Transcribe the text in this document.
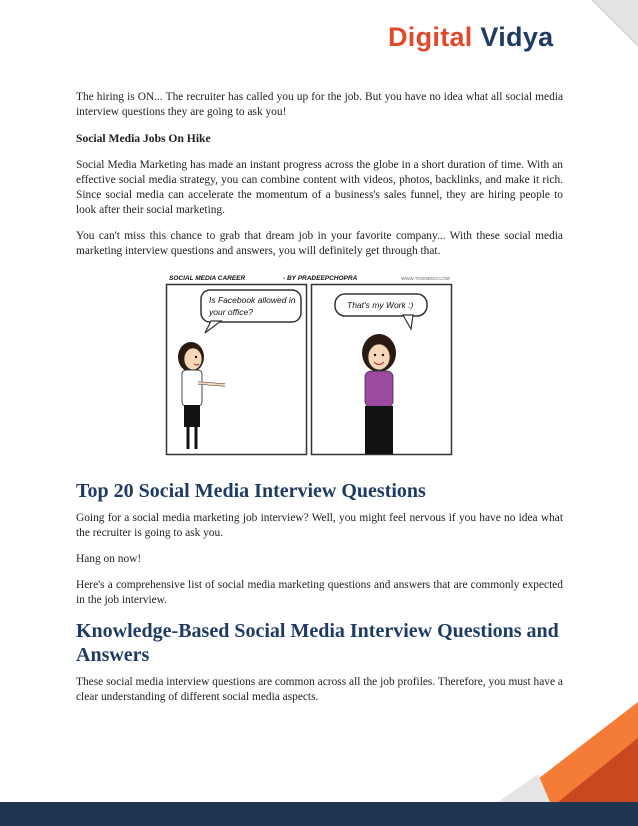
Digital Vidya

The hiring is ON... The recruiter has called you up for the job. But you have no idea what all social media interview questions they are going to ask you!

Social Media Jobs On Hike

Social Media Marketing has made an instant progress across the globe in a short duration of time. With an effective social media strategy, you can combine content with videos, photos, backlinks, and make it rich. Since social media can accelerate the momentum of a business's sales funnel, they are hiring people to look after their social marketing.

You can't miss this chance to grab that dream job in your favorite company... With these social media marketing interview questions and answers, you will definitely get through that.

SOCIAL MEDIA CAREER	- BY PRADEEPCHOPRA	WWW.TOONDOO.COM
Is Facebook allowed in
your office?
That's my Work :)
Top 20 Social Media Interview Questions

Going for a social media marketing job interview? Well, you might feel nervous if you have no idea what the recruiter is going to ask you.

Hang on now!

Here's a comprehensive list of social media marketing questions and answers that are commonly expected in the job interview.

Knowledge-Based Social Media Interview Questions and Answers

These social media interview questions are common across all the job profiles. Therefore, you must have a clear understanding of different social media aspects.
